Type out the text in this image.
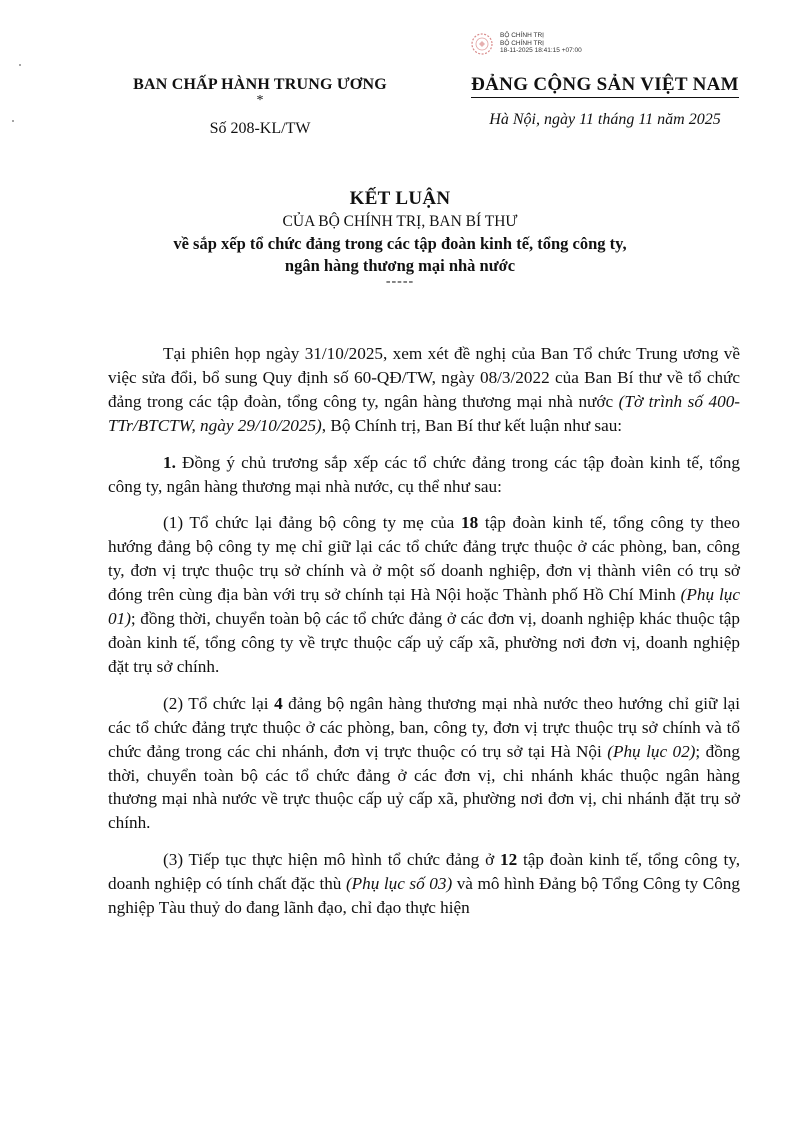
BỘ CHÍNH TRỊ
BỘ CHÍNH TRỊ
18-11-2025 18:41:15 +07:00
BAN CHẤP HÀNH TRUNG ƯƠNG
*
Số 208-KL/TW
ĐẢNG CỘNG SẢN VIỆT NAM
Hà Nội, ngày 11 tháng 11 năm 2025
KẾT LUẬN
CỦA BỘ CHÍNH TRỊ, BAN BÍ THƯ
về sắp xếp tổ chức đảng trong các tập đoàn kinh tế, tổng công ty,
ngân hàng thương mại nhà nước
-----

Tại phiên họp ngày 31/10/2025, xem xét đề nghị của Ban Tổ chức Trung ương về việc sửa đổi, bổ sung Quy định số 60-QĐ/TW, ngày 08/3/2022 của Ban Bí thư về tổ chức đảng trong các tập đoàn, tổng công ty, ngân hàng thương mại nhà nước (Tờ trình số 400-TTr/BTCTW, ngày 29/10/2025), Bộ Chính trị, Ban Bí thư kết luận như sau:

1. Đồng ý chủ trương sắp xếp các tổ chức đảng trong các tập đoàn kinh tế, tổng công ty, ngân hàng thương mại nhà nước, cụ thể như sau:

(1) Tổ chức lại đảng bộ công ty mẹ của 18 tập đoàn kinh tế, tổng công ty theo hướng đảng bộ công ty mẹ chỉ giữ lại các tổ chức đảng trực thuộc ở các phòng, ban, công ty, đơn vị trực thuộc trụ sở chính và ở một số doanh nghiệp, đơn vị thành viên có trụ sở đóng trên cùng địa bàn với trụ sở chính tại Hà Nội hoặc Thành phố Hồ Chí Minh (Phụ lục 01); đồng thời, chuyển toàn bộ các tổ chức đảng ở các đơn vị, doanh nghiệp khác thuộc tập đoàn kinh tế, tổng công ty về trực thuộc cấp uỷ cấp xã, phường nơi đơn vị, doanh nghiệp đặt trụ sở chính.

(2) Tổ chức lại 4 đảng bộ ngân hàng thương mại nhà nước theo hướng chỉ giữ lại các tổ chức đảng trực thuộc ở các phòng, ban, công ty, đơn vị trực thuộc trụ sở chính và tổ chức đảng trong các chi nhánh, đơn vị trực thuộc có trụ sở tại Hà Nội (Phụ lục 02); đồng thời, chuyển toàn bộ các tổ chức đảng ở các đơn vị, chi nhánh khác thuộc ngân hàng thương mại nhà nước về trực thuộc cấp uỷ cấp xã, phường nơi đơn vị, chi nhánh đặt trụ sở chính.

(3) Tiếp tục thực hiện mô hình tổ chức đảng ở 12 tập đoàn kinh tế, tổng công ty, doanh nghiệp có tính chất đặc thù (Phụ lục số 03) và mô hình Đảng bộ Tổng Công ty Công nghiệp Tàu thuỷ do đang lãnh đạo, chỉ đạo thực hiện
